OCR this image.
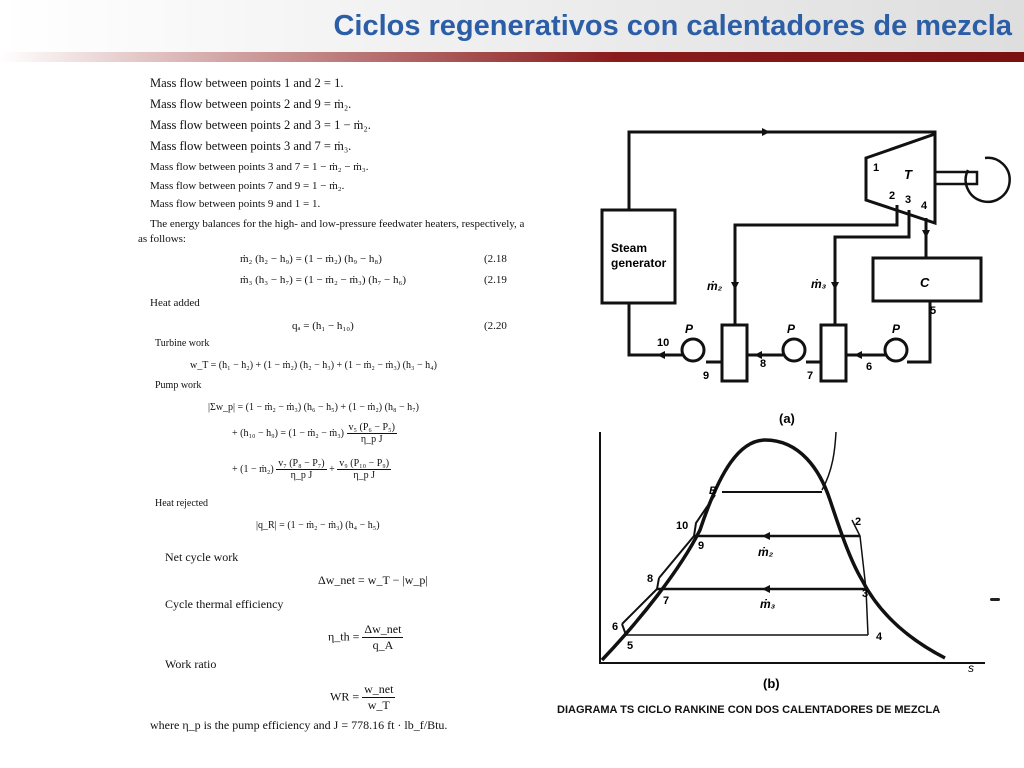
Ciclos regenerativos con calentadores de mezcla
Mass flow between points 1 and 2 = 1.
Mass flow between points 2 and 9 = ṁ₂.
Mass flow between points 2 and 3 = 1 − ṁ₂.
Mass flow between points 3 and 7 = ṁ₃.
Mass flow between points 3 and 7 = 1 − ṁ₂ − ṁ₃.
Mass flow between points 7 and 9 = 1 − ṁ₂.
Mass flow between points 9 and 1 = 1.
The energy balances for the high- and low-pressure feedwater heaters, respectively, a
as follows:
ṁ₂ (h₂ − h₉) = (1 − ṁ₂) (h₉ − h₈)	(2.18
ṁ₃ (h₃ − h₇) = (1 − ṁ₂ − ṁ₃) (h₇ − h₆)	(2.19
Heat added
qₐ = (h₁ − h₁₀)	(2.20
Turbine work
w_T = (h₁ − h₂) + (1 − ṁ₂) (h₂ − h₃) + (1 − ṁ₂ − ṁ₃) (h₃ − h₄)
Pump work
|Σw_p| = (1 − ṁ₂ − ṁ₃) (h₆ − h₅) + (1 − ṁ₂) (h₈ − h₇)
+ (h₁₀ − h₉) = (1 − ṁ₂ − ṁ₃) $\frac{\text{v₅ (P₆ − P₅)}}{\text{η\_p J}}$
+ (1 − ṁ₂) $\frac{\text{v₇ (P₈ − P₇)}}{\text{η\_p J}} + \frac{\text{v₉ (P₁₀ − P₉)}}{\text{η\_p J}}$
Heat rejected
|q_R| = (1 − ṁ₂ − ṁ₃) (h₄ − h₅)
Net cycle work
Δw_net = w_T − |w_p|
Cycle thermal efficiency
η_th = $\frac{\text{Δw\_net}}{q\_A}$
Work ratio
WR = $\frac{\text{w\_net}}{w\_T}$
where η_p is the pump efficiency and J = 778.16 ft · lb_f/Btu.
Steam
generator
T
C
P	P	P
ṁ₂	ṁ₃
1
2 3 4
5
6
7
8
9
10
(a)
B
10
9
8
7
6
5
2
3
4
ṁ₂
ṁ₃
s
(b)
DIAGRAMA TS CICLO RANKINE CON DOS CALENTADORES DE MEZCLA
